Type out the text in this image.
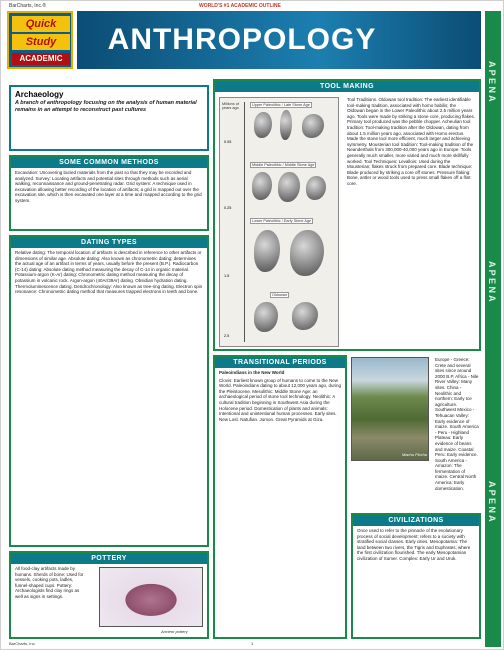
BarCharts, Inc.®	WORLD'S #1 ACADEMIC OUTLINE
Quick
Study
ACADEMIC
ANTHROPOLOGY
A P E N A
A P E N A
A P E N A
Archaeology
A branch of anthropology focusing on the analysis of human material remains in an attempt to reconstruct past cultures
SOME COMMON METHODS
Excavation: Uncovering buried materials from the past so that they may be recorded and analyzed. Survey: Locating artifacts and potential sites through methods such as aerial walking, reconnaissance and ground-penetrating radar. Grid system: A technique used in excavation allowing better recording of the location of artifacts; a grid is mapped out over the excavation site, which is then excavated one layer at a time and mapped according to the grid system.
DATING TYPES
Relative dating: The temporal location of artifacts is described in reference to other artifacts or dimensions of similar age. Absolute dating: Also known as chronometric dating; determines the actual age of an artifact in terms of years, usually before the present (B.P.). Radiocarbon (C-14) dating: Absolute dating method measuring the decay of C-14 in organic material. Potassium-argon (K-Ar) dating: Chronometric dating method measuring the decay of potassium in volcanic rock. Argon-argon (40Ar/39Ar) dating. Obsidian hydration dating. Thermoluminescence dating. Dendrochronology: Also known as tree-ring dating. Electron spin resonance: Chronometric dating method that measures trapped electrons in teeth and bone.
POTTERY
All food-clay artifacts made by humans. Sherds of bone: Used for vessels, cooking pots, ladles, funnel-shaped cups. Pottery: Archaeologists find clay rings as well as signs in settings.
Ancient pottery
TOOL MAKING
Millions of years ago
0.05
0.25
1.5
2.5
Upper Paleolithic / Late Stone Age
Middle Paleolithic / Middle Stone Age
Lower Paleolithic / Early Stone Age
Oldowan
Tool Traditions. Oldowan tool tradition: The earliest identifiable tool-making tradition, associated with homo habilis; the Oldowan began in the Lower Paleolithic about 2.5 million years ago. Tools were made by striking a stone core, producing flakes. Primary tool produced was the pebble chopper. Acheulian tool tradition: Tool-making tradition after the Oldowan, dating from about 1.5 million years ago, associated with Homo erectus. Made the stone tool more efficient, much larger and achieving symmetry. Mousterian tool tradition: Tool-making tradition of the Neanderthals from 300,000-40,000 years ago in Europe. Tools generally much smaller, more varied and much more skillfully worked. Tool Techniques: Levallois: Used during the Mousterian; flakes struck from prepared core. Blade technique: Blade produced by striking a core off stones. Pressure flaking: Bone, antler or wood tools used to press small flakes off a flint core.
TRANSITIONAL PERIODS
Paleoindians in the New World
Clovis: Earliest known group of humans to come to the New World. Paleoindians dating to about 12,000 years ago, during the Pleistocene. Mesolithic: Middle Stone Age; an archaeological period of stone tool technology. Neolithic: A cultural tradition beginning in Southwest Asia during the Holocene period. Domestication of plants and animals: Intentional and unintentional human processes. Early sites. New Lost. Natufian. Jomon. Great Pyramids at Giza.
Machu Picchu
Europe - Greece: Crete and several sites since around 2000 B.P. Africa - Nile River Valley: Many sites. China - Neolithic and northern: Early Ice agriculture. Southwest Mexico - Tehuacan Valley: Early evidence of maize. South America - Peru - Highland Plateau: Early evidence of beans and maize. Coastal Peru: Early evidence. South America - Amazon: The fermentation of maize. Central North America: Early domestication.
CIVILIZATIONS
Once used to refer to the pinnacle of the evolutionary process of social development; refers to a society with stratified social classes. Early cities. Mesopotamia: The land between two rivers, the Tigris and Euphrates, where the first civilization flourished. The early Mesopotamian civilization of Sumer. Complex: Early Ur and Uruk.
BarCharts, Inc.	1
